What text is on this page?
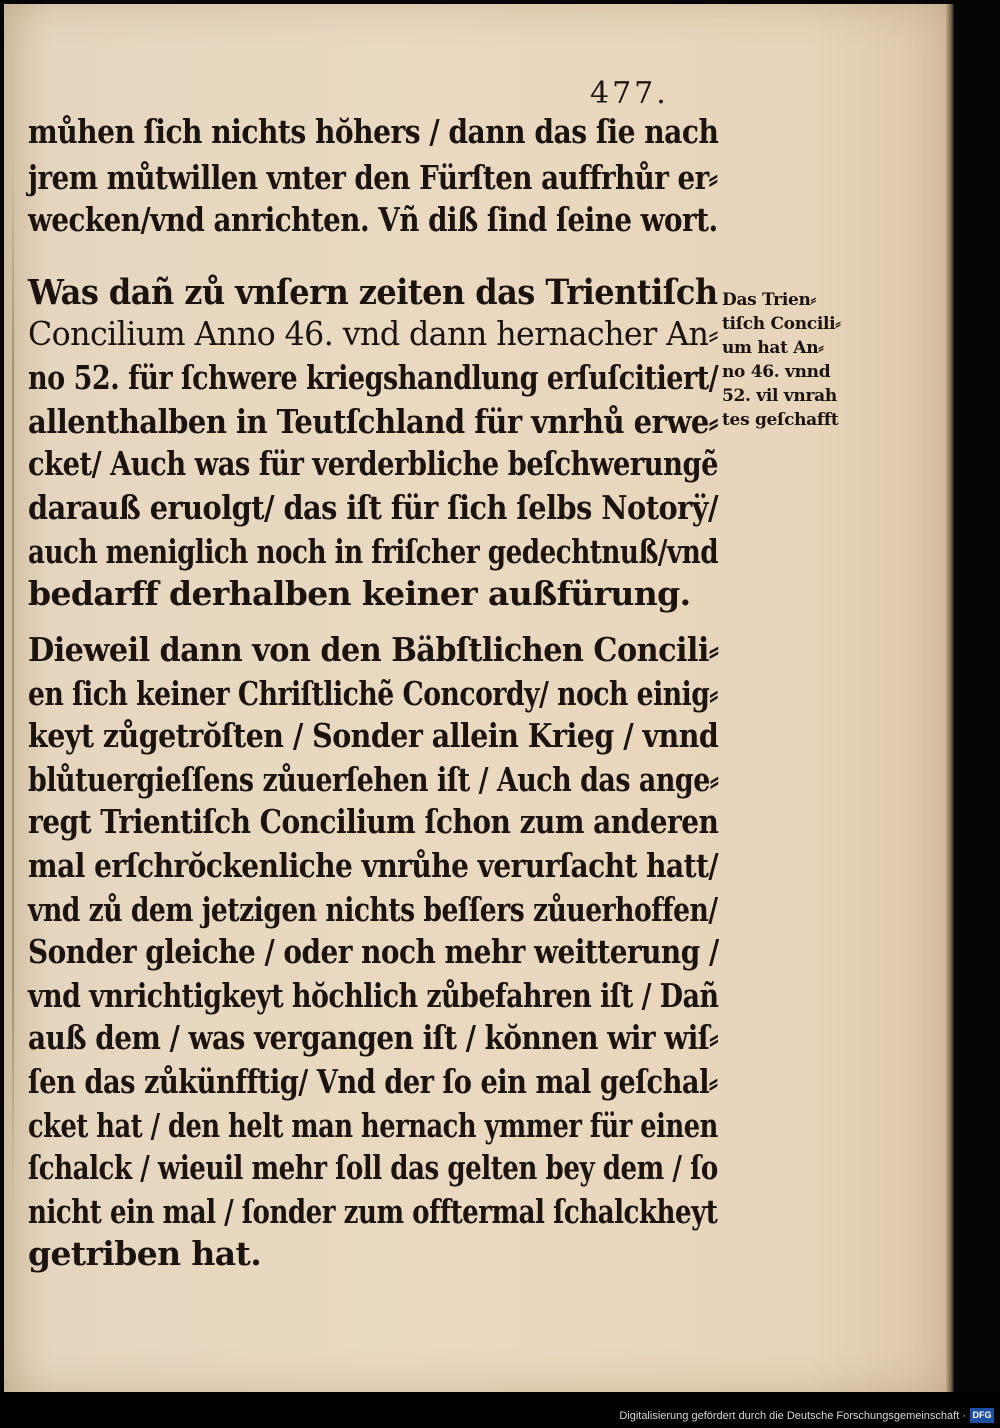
477.
můhen ſich nichts hŏhers / dann das ſie nach
jrem můtwillen vnter den Fürſten auffrhůr er⸗
wecken/vnd anrichten. Vñ diß ſind ſeine wort.
Was dañ zů vnſern zeiten das Trientiſch
Concilium Anno 46. vnd dann hernacher An⸗
no 52. für ſchwere kriegshandlung erſuſcitiert/
allenthalben in Teutſchland für vnrhů erwe⸗
cket/ Auch was für verderbliche beſchwerungẽ
darauß eruolgt/ das iſt für ſich ſelbs Notorÿ/
auch meniglich noch in friſcher gedechtnuß/vnd
bedarff derhalben keiner außfürung.
Dieweil dann von den Bäbſtlichen Concili⸗
en ſich keiner Chriſtlichẽ Concordy/ noch einig⸗
keyt zůgetrŏſten / Sonder allein Krieg / vnnd
blůtuergieſſens zůuerſehen iſt / Auch das ange⸗
regt Trientiſch Concilium ſchon zum anderen
mal erſchrŏckenliche vnrůhe verurſacht hatt/
vnd zů dem jetzigen nichts beſſers zůuerhoffen/
Sonder gleiche / oder noch mehr weitterung /
vnd vnrichtigkeyt hŏchlich zůbefahren iſt / Dañ
auß dem / was vergangen iſt / kŏnnen wir wiſ⸗
ſen das zůkünfftig/ Vnd der ſo ein mal geſchal⸗
cket hat / den helt man hernach ymmer für einen
ſchalck / wieuil mehr ſoll das gelten bey dem / ſo
nicht ein mal / ſonder zum offtermal ſchalckheyt
getriben hat.
Das Trien⸗
tiſch Concili⸗
um hat An⸗
no 46. vnnd
52. vil vnrah
tes geſchafft
Digitalisierung gefördert durch die Deutsche Forschungsgemeinschaft · DFG
